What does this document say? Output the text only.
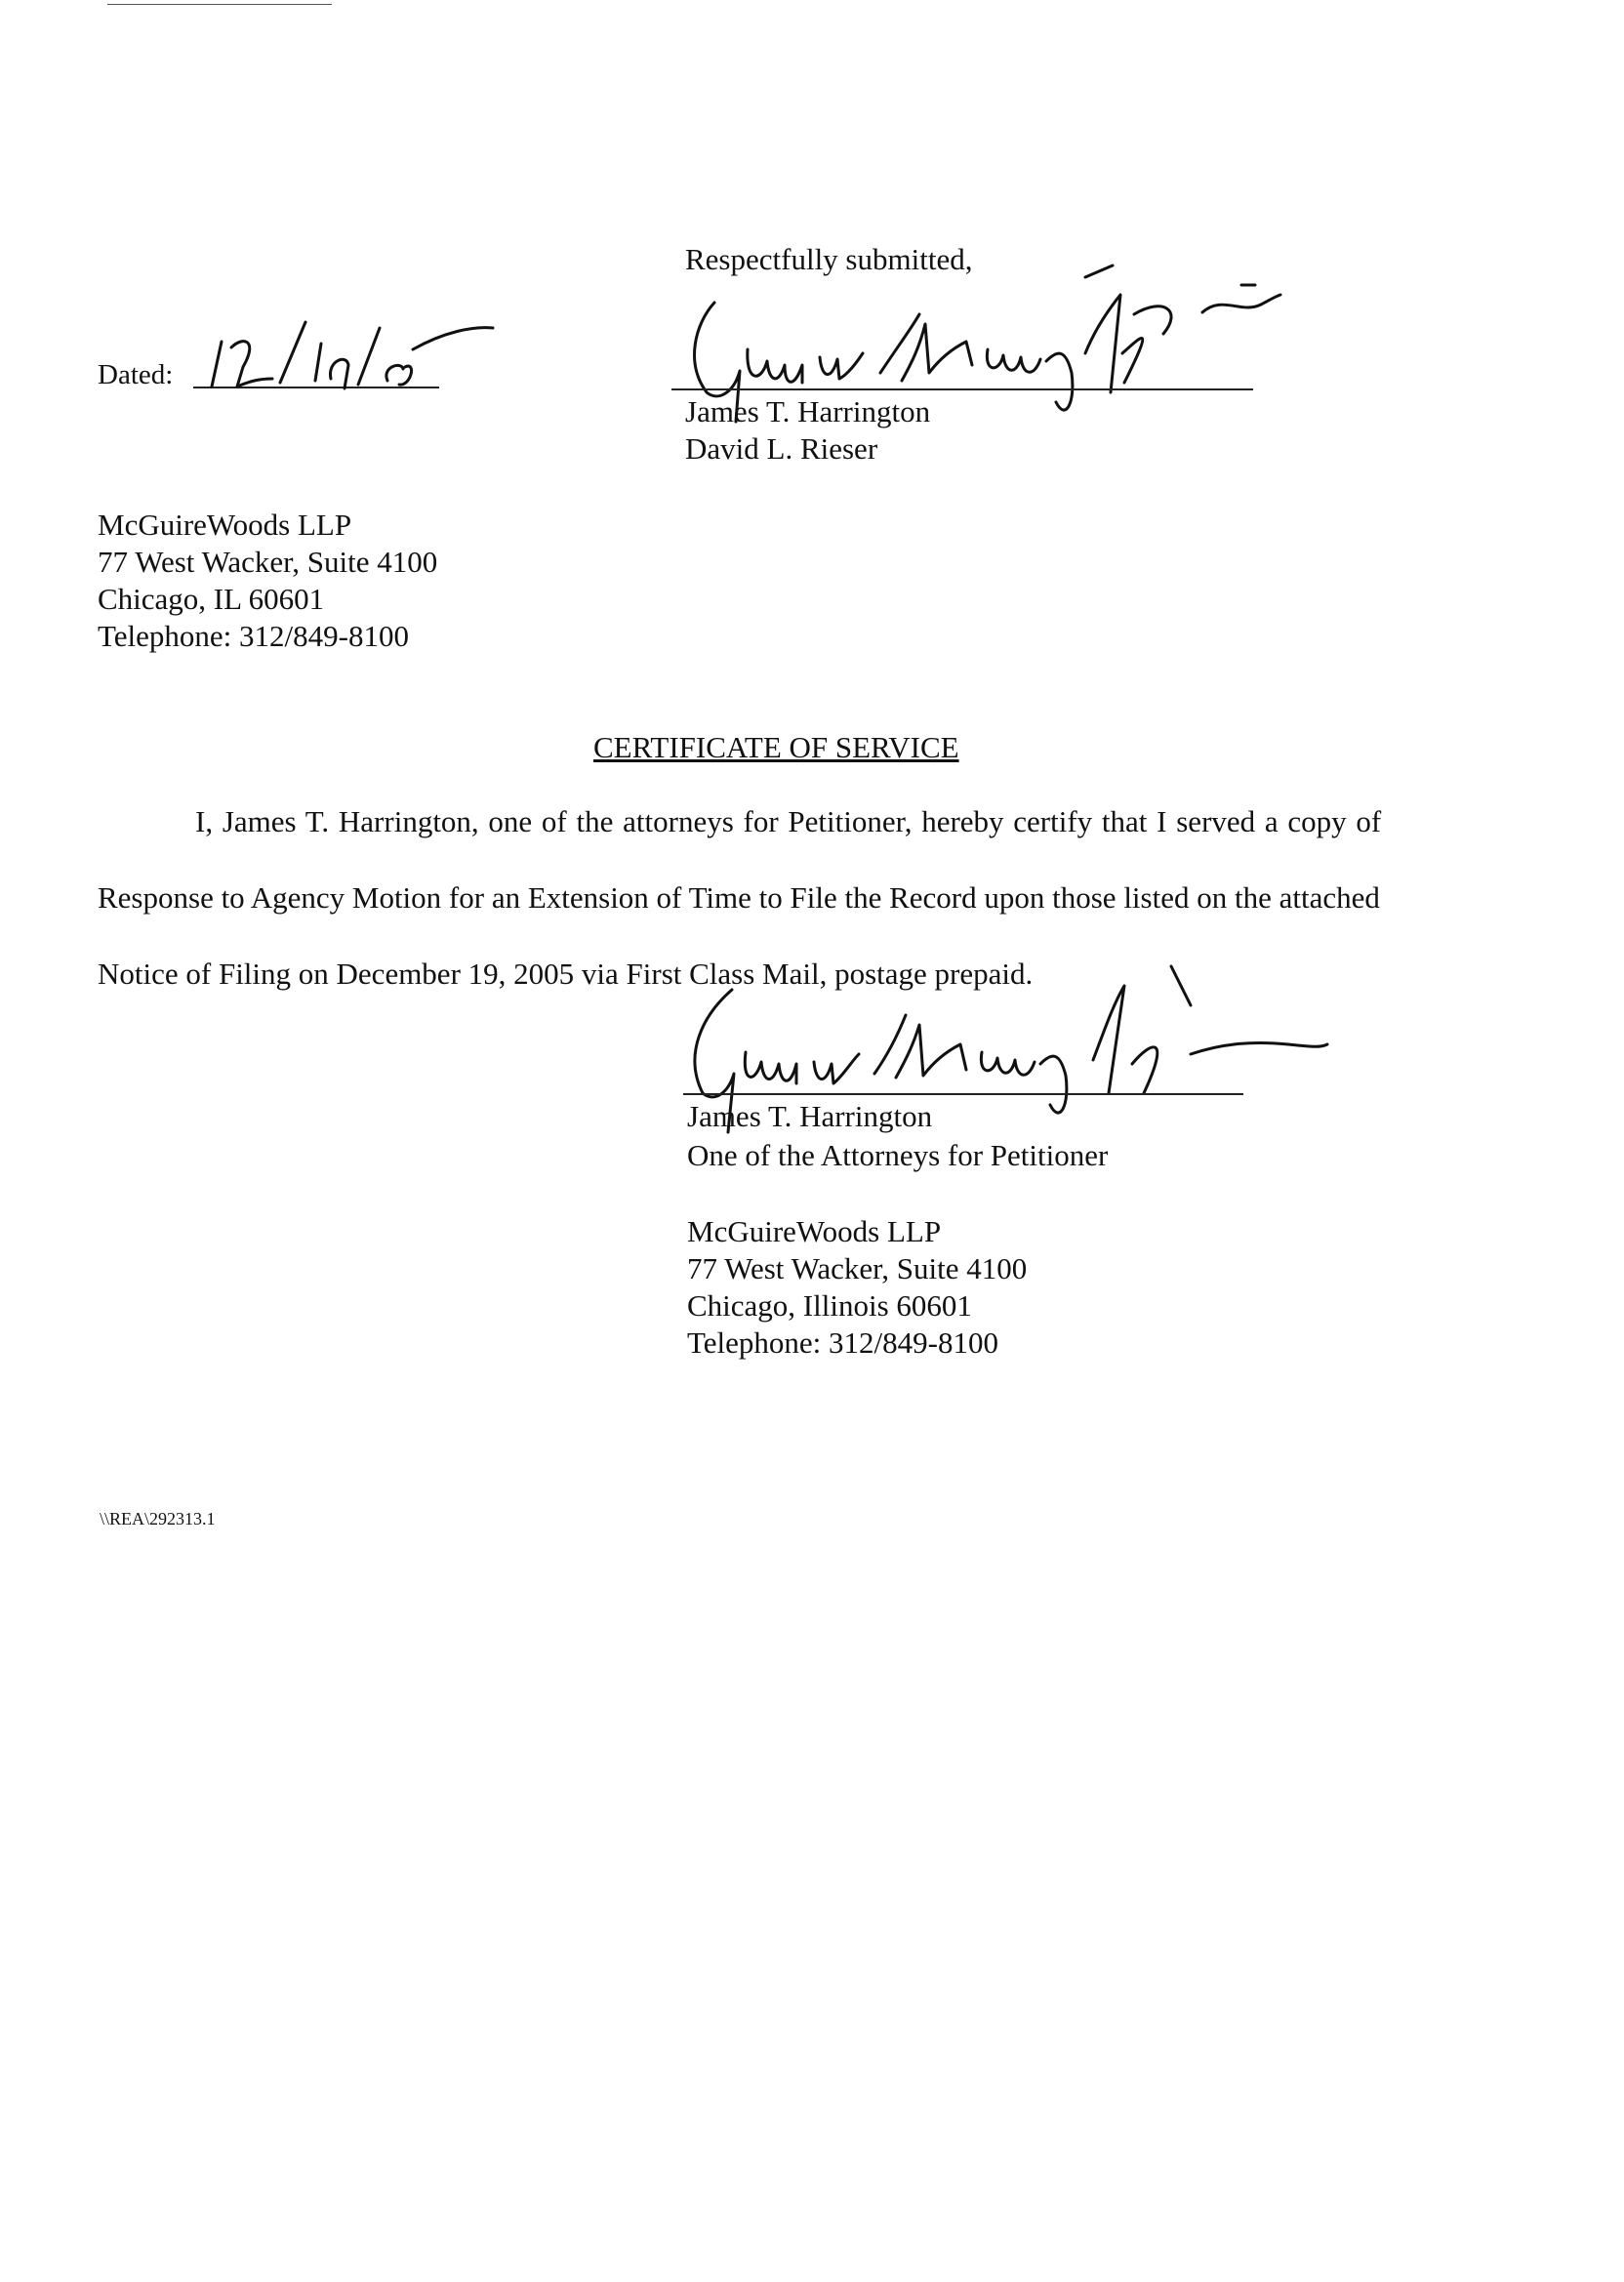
Respectfully submitted,
Dated:
James T. Harrington
David L. Rieser
McGuireWoods LLP
77 West Wacker, Suite 4100
Chicago, IL 60601
Telephone: 312/849-8100
CERTIFICATE OF SERVICE
I, James T. Harrington, one of the attorneys for Petitioner, hereby certify that I served a copy of
Response to Agency Motion for an Extension of Time to File the Record upon those listed on the attached
Notice of Filing on December 19, 2005 via First Class Mail, postage prepaid.
James T. Harrington
One of the Attorneys for Petitioner
McGuireWoods LLP
77 West Wacker, Suite 4100
Chicago, Illinois 60601
Telephone: 312/849-8100
\\REA\292313.1
